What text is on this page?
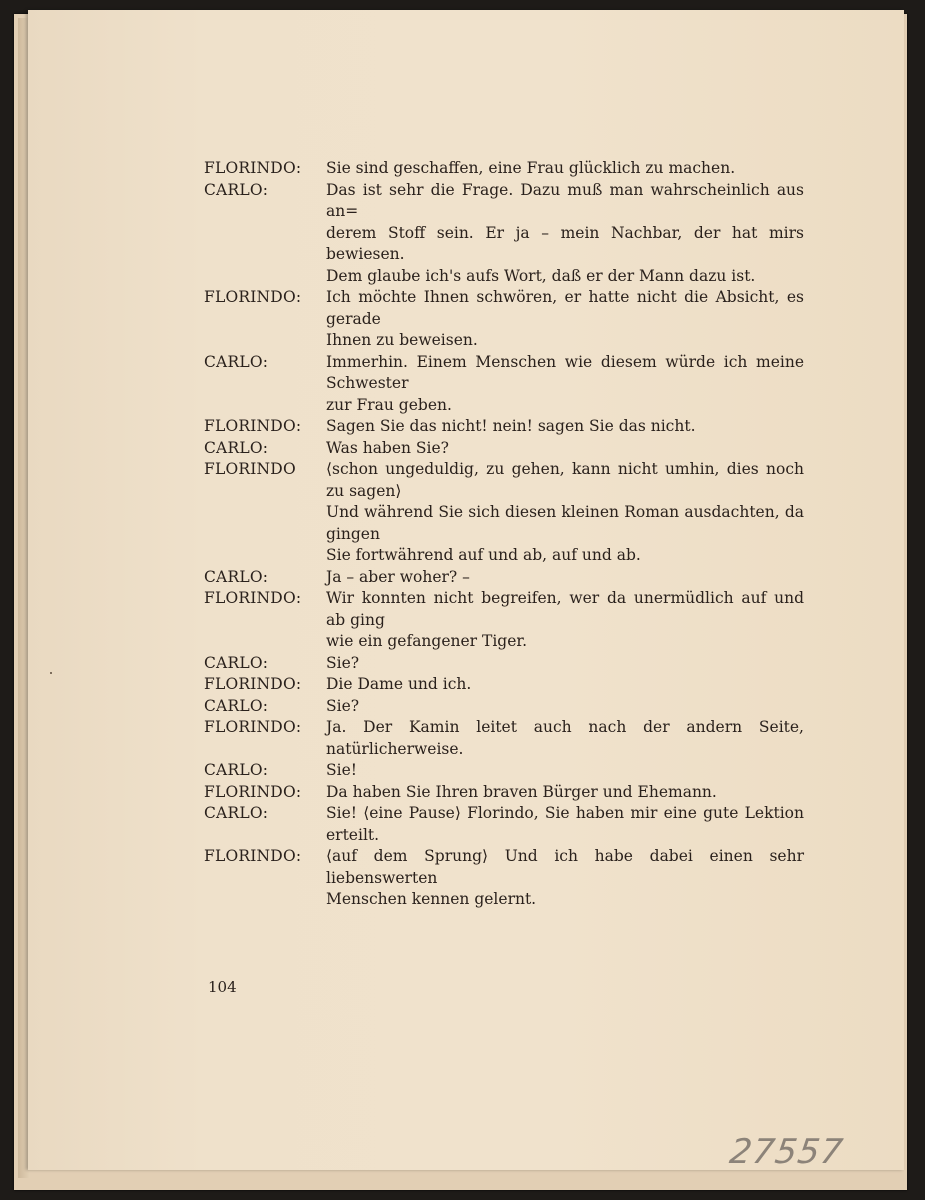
FLORINDO:	Sie sind geschaffen, eine Frau glücklich zu machen.
CARLO:	Das ist sehr die Frage. Dazu muß man wahrscheinlich aus an=
derem Stoff sein. Er ja – mein Nachbar, der hat mirs bewiesen.
Dem glaube ich's aufs Wort, daß er der Mann dazu ist.
FLORINDO:	Ich möchte Ihnen schwören, er hatte nicht die Absicht, es gerade
Ihnen zu beweisen.
CARLO:	Immerhin. Einem Menschen wie diesem würde ich meine Schwester
zur Frau geben.
FLORINDO:	Sagen Sie das nicht! nein! sagen Sie das nicht.
CARLO:	Was haben Sie?
FLORINDO	⟨schon ungeduldig, zu gehen, kann nicht umhin, dies noch zu sagen⟩
Und während Sie sich diesen kleinen Roman ausdachten, da gingen
Sie fortwährend auf und ab, auf und ab.
CARLO:	Ja – aber woher? –
FLORINDO:	Wir konnten nicht begreifen, wer da unermüdlich auf und ab ging
wie ein gefangener Tiger.
CARLO:	Sie?
FLORINDO:	Die Dame und ich.
CARLO:	Sie?
FLORINDO:	Ja. Der Kamin leitet auch nach der andern Seite, natürlicherweise.
CARLO:	Sie!
FLORINDO:	Da haben Sie Ihren braven Bürger und Ehemann.
CARLO:	Sie! ⟨eine Pause⟩ Florindo, Sie haben mir eine gute Lektion erteilt.
FLORINDO:	⟨auf dem Sprung⟩ Und ich habe dabei einen sehr liebenswerten
Menschen kennen gelernt.
104
27557
